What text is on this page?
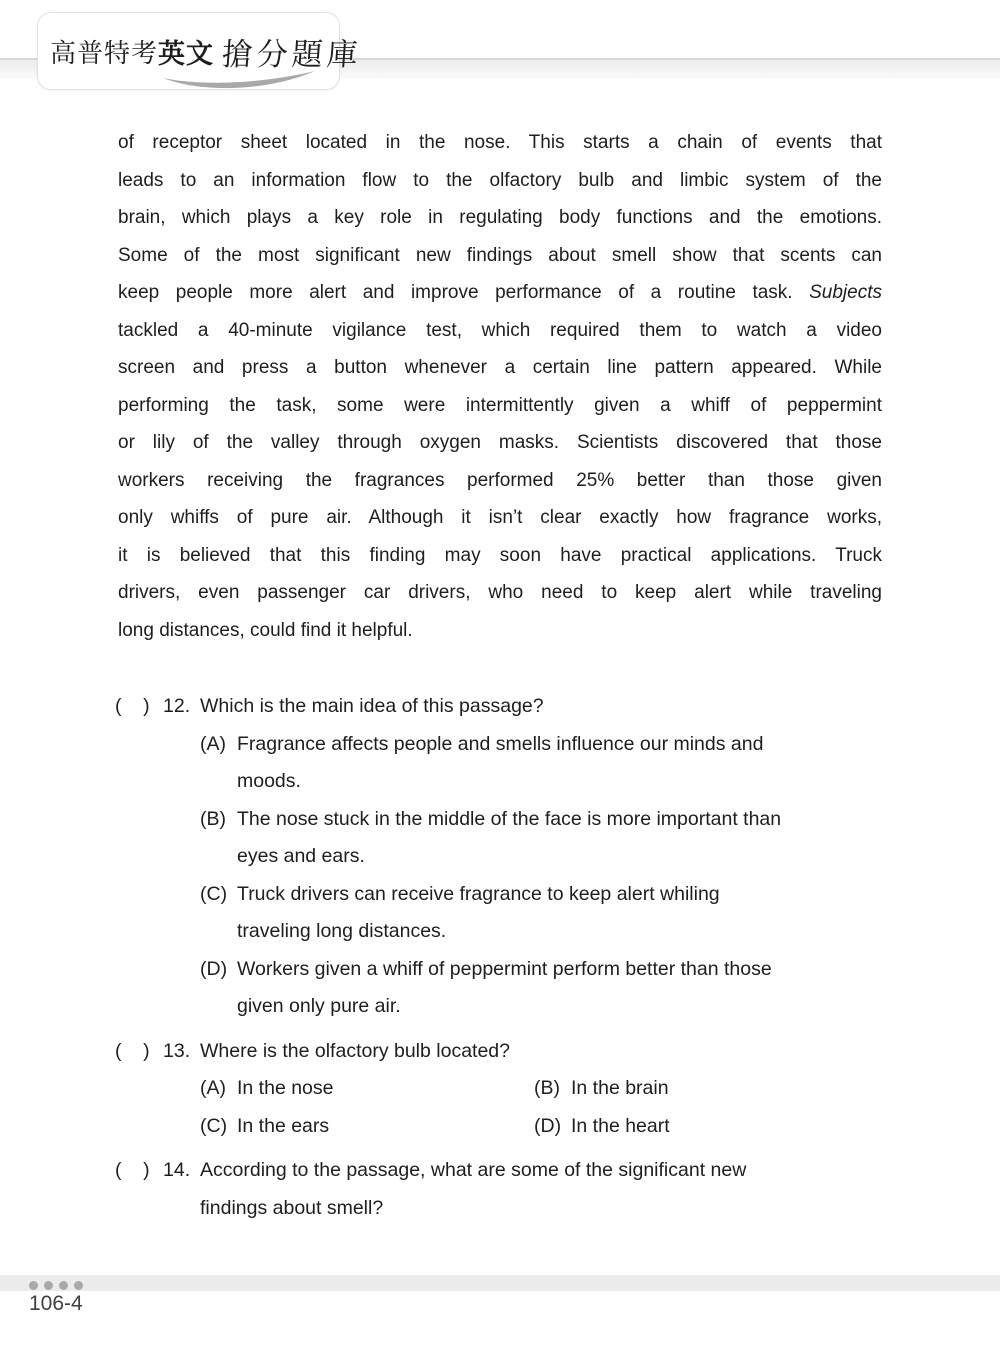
高普特考 英文 搶分題庫
of receptor sheet located in the nose. This starts a chain of events that
leads to an information flow to the olfactory bulb and limbic system of the
brain, which plays a key role in regulating body functions and the emotions.
Some of the most significant new findings about smell show that scents can
keep people more alert and improve performance of a routine task. Subjects
tackled a 40-minute vigilance test, which required them to watch a video
screen and press a button whenever a certain line pattern appeared. While
performing the task, some were intermittently given a whiff of peppermint
or lily of the valley through oxygen masks. Scientists discovered that those
workers receiving the fragrances performed 25% better than those given
only whiffs of pure air. Although it isn’t clear exactly how fragrance works,
it is believed that this finding may soon have practical applications. Truck
drivers, even passenger car drivers, who need to keep alert while traveling
long distances, could find it helpful.
(    ) 12. Which is the main idea of this passage?
(A) Fragrance affects people and smells influence our minds and
moods.
(B) The nose stuck in the middle of the face is more important than
eyes and ears.
(C) Truck drivers can receive fragrance to keep alert whiling
traveling long distances.
(D) Workers given a whiff of peppermint perform better than those
given only pure air.
(    ) 13. Where is the olfactory bulb located?
(A) In the nose	(B) In the brain
(C) In the ears	(D) In the heart
(    ) 14. According to the passage, what are some of the significant new
findings about smell?
106-4
